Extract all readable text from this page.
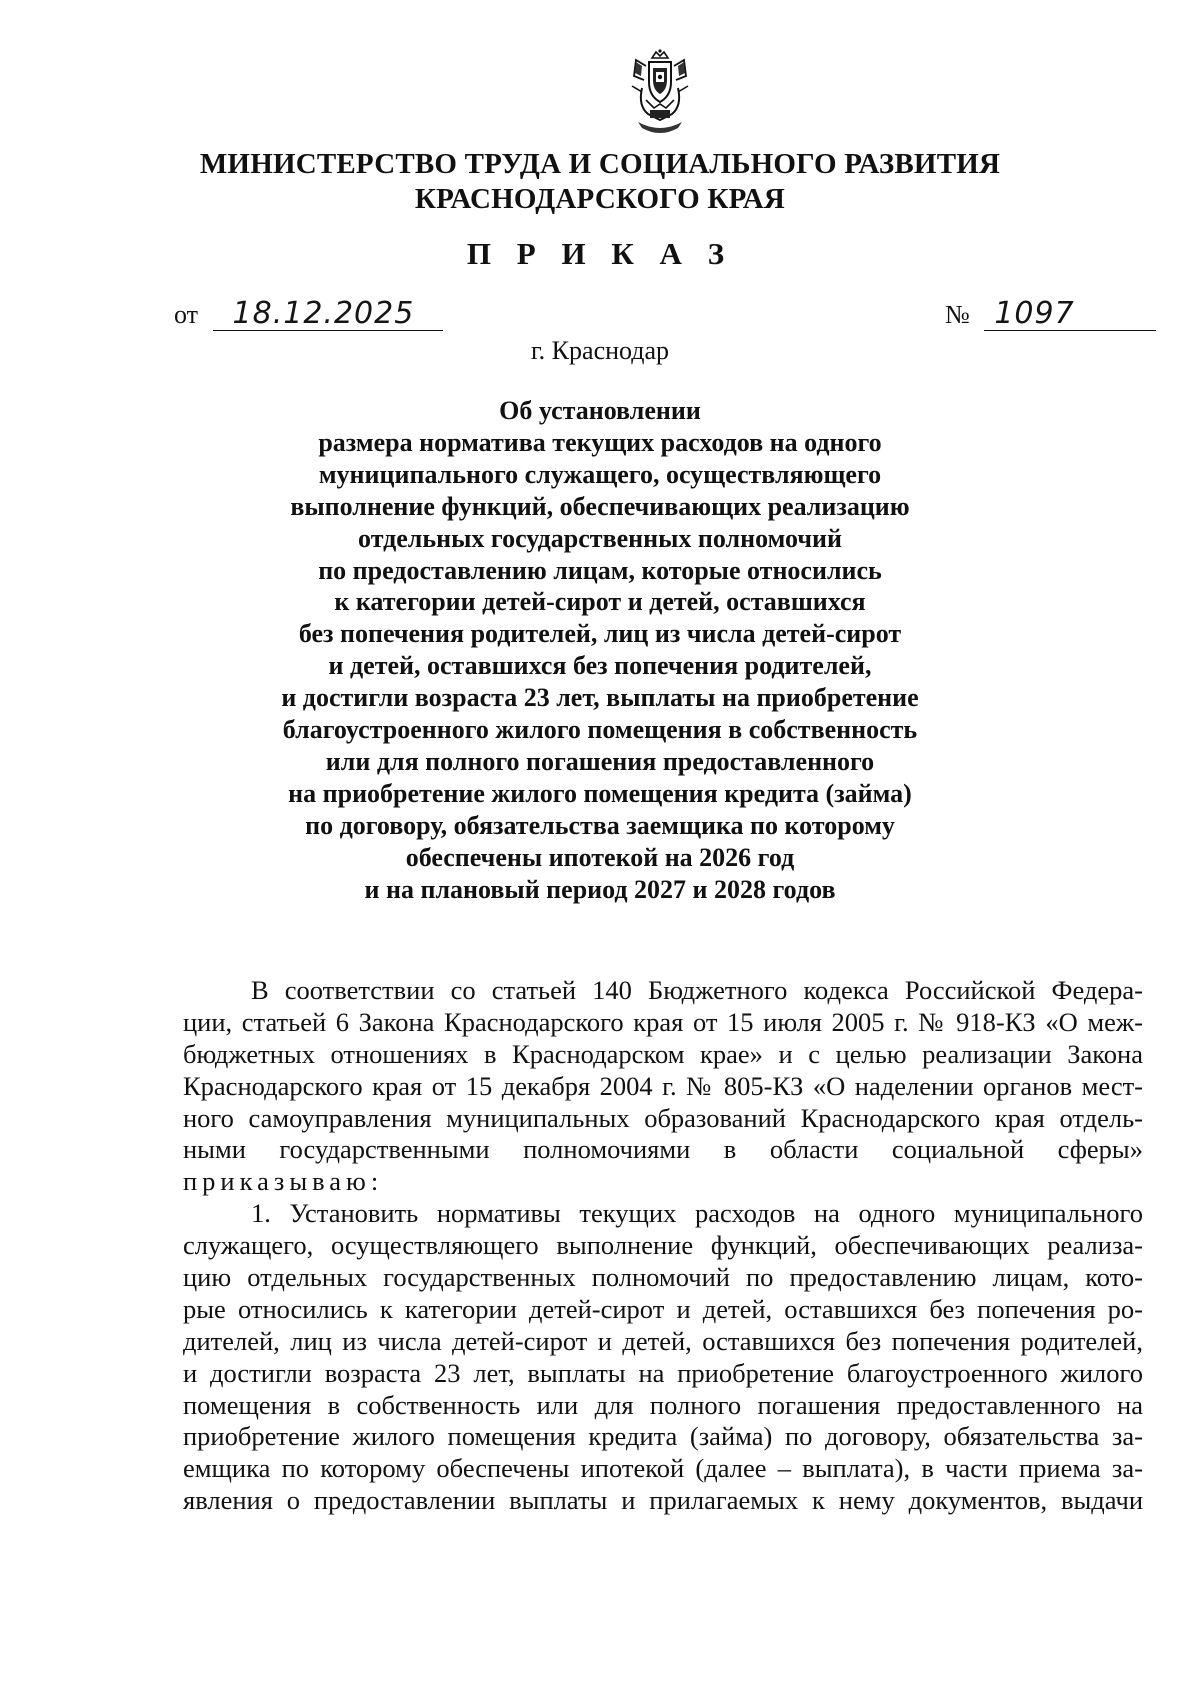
МИНИСТЕРСТВО ТРУДА И СОЦИАЛЬНОГО РАЗВИТИЯ
КРАСНОДАРСКОГО КРАЯ
П Р И К А З
от 18.12.2025	№ 1097
г. Краснодар
Об установлении
размера норматива текущих расходов на одного
муниципального служащего, осуществляющего
выполнение функций, обеспечивающих реализацию
отдельных государственных полномочий
по предоставлению лицам, которые относились
к категории детей-сирот и детей, оставшихся
без попечения родителей, лиц из числа детей-сирот
и детей, оставшихся без попечения родителей,
и достигли возраста 23 лет, выплаты на приобретение
благоустроенного жилого помещения в собственность
или для полного погашения предоставленного
на приобретение жилого помещения кредита (займа)
по договору, обязательства заемщика по которому
обеспечены ипотекой на 2026 год
и на плановый период 2027 и 2028 годов
В соответствии со статьей 140 Бюджетного кодекса Российской Федера-
ции, статьей 6 Закона Краснодарского края от 15 июля 2005 г. № 918-КЗ «О меж-
бюджетных отношениях в Краснодарском крае» и с целью реализации Закона
Краснодарского края от 15 декабря 2004 г. № 805-КЗ «О наделении органов мест-
ного самоуправления муниципальных образований Краснодарского края отдель-
ными государственными полномочиями в области социальной сферы»
приказываю:
1. Установить нормативы текущих расходов на одного муниципального
служащего, осуществляющего выполнение функций, обеспечивающих реализа-
цию отдельных государственных полномочий по предоставлению лицам, кото-
рые относились к категории детей-сирот и детей, оставшихся без попечения ро-
дителей, лиц из числа детей-сирот и детей, оставшихся без попечения родителей,
и достигли возраста 23 лет, выплаты на приобретение благоустроенного жилого
помещения в собственность или для полного погашения предоставленного на
приобретение жилого помещения кредита (займа) по договору, обязательства за-
емщика по которому обеспечены ипотекой (далее – выплата), в части приема за-
явления о предоставлении выплаты и прилагаемых к нему документов, выдачи
